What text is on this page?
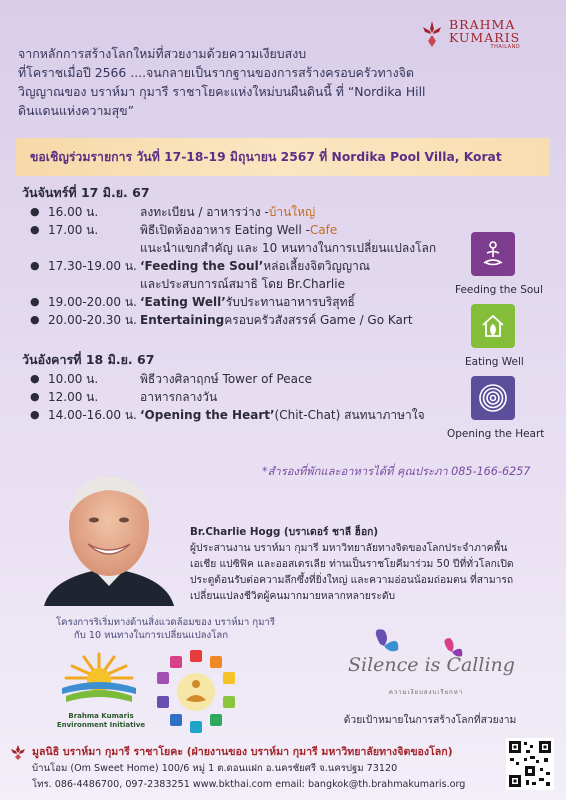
BRAHMA
KUMARIS
THAILAND
จากหลักการสร้างโลกใหม่ที่สวยงามด้วยความเงียบสงบ
ที่โคราชเมื่อปี 2566 ....จนกลายเป็นรากฐานของการสร้างครอบครัวทางจิต
วิญญาณของ บราห์มา กุมารี ราชาโยคะแห่งใหม่บนผืนดินนี้ ที่ “Nordika Hill
ดินแดนแห่งความสุข”
ขอเชิญร่วมรายการ วันที่ 17-18-19 มิถุนายน 2567 ที่ Nordika Pool Villa, Korat
วันจันทร์ที่ 17 มิ.ย. 67
● 16.00 น.	ลงทะเบียน / อาหารว่าง - บ้านใหญ่
● 17.00 น.	พิธีเปิดห้องอาหาร Eating Well - Cafe
แนะนำแขกสำคัญ และ 10 หนทางในการเปลี่ยนแปลงโลก
● 17.30-19.00 น. ‘Feeding the Soul’ หล่อเลี้ยงจิตวิญญาณ
และประสบการณ์สมาธิ โดย Br.Charlie
● 19.00-20.00 น. ‘Eating Well’ รับประทานอาหารบริสุทธิ์
● 20.00-20.30 น. Entertaining ครอบครัวสังสรรค์ Game / Go Kart
วันอังคารที่ 18 มิ.ย. 67
● 10.00 น.	พิธีวางศิลาฤกษ์ Tower of Peace
● 12.00 น.	อาหารกลางวัน
● 14.00-16.00 น. ‘Opening the Heart’ (Chit-Chat) สนทนาภาษาใจ
Feeding the Soul
Eating Well
Opening the Heart
*สำรองที่พักและอาหารได้ที่ คุณประภา 085-166-6257
Br.Charlie Hogg (บราเดอร์ ชาลี ฮ็อก)
ผู้ประสานงาน บราห์มา กุมารี มหาวิทยาลัยทางจิตของโลกประจำภาคพื้น
เอเชีย แปซิฟิค และออสเตรเลีย ท่านเป็นราชโยคีมาร่วม 50 ปีที่ทั่วโลกเปิด
ประตูต้อนรับต่อความลึกซึ้งที่ยิ่งใหญ่ และความอ่อนน้อมถ่อมตน ที่สามารถ
เปลี่ยนแปลงชีวิตผู้คนมากมายหลากหลายระดับ
โครงการริเริ่มทางด้านสิ่งแวดล้อมของ บราห์มา กุมารี
กับ 10 หนทางในการเปลี่ยนแปลงโลก
Brahma Kumaris
Environment Initiative
Silence is Calling
ความเงียบสงบเรียกหา
ด้วยเป้าหมายในการสร้างโลกที่สวยงาม
มูลนิธิ บราห์มา กุมารี ราชาโยคะ (ฝ่ายงานของ บราห์มา กุมารี มหาวิทยาลัยทางจิตของโลก)
บ้านโอม (Om Sweet Home) 100/6 หมู่ 1 ต.ดอนแฝก อ.นครชัยศรี จ.นครปฐม 73120
โทร. 086-4486700, 097-2383251 www.bkthai.com email: bangkok@th.brahmakumaris.org
